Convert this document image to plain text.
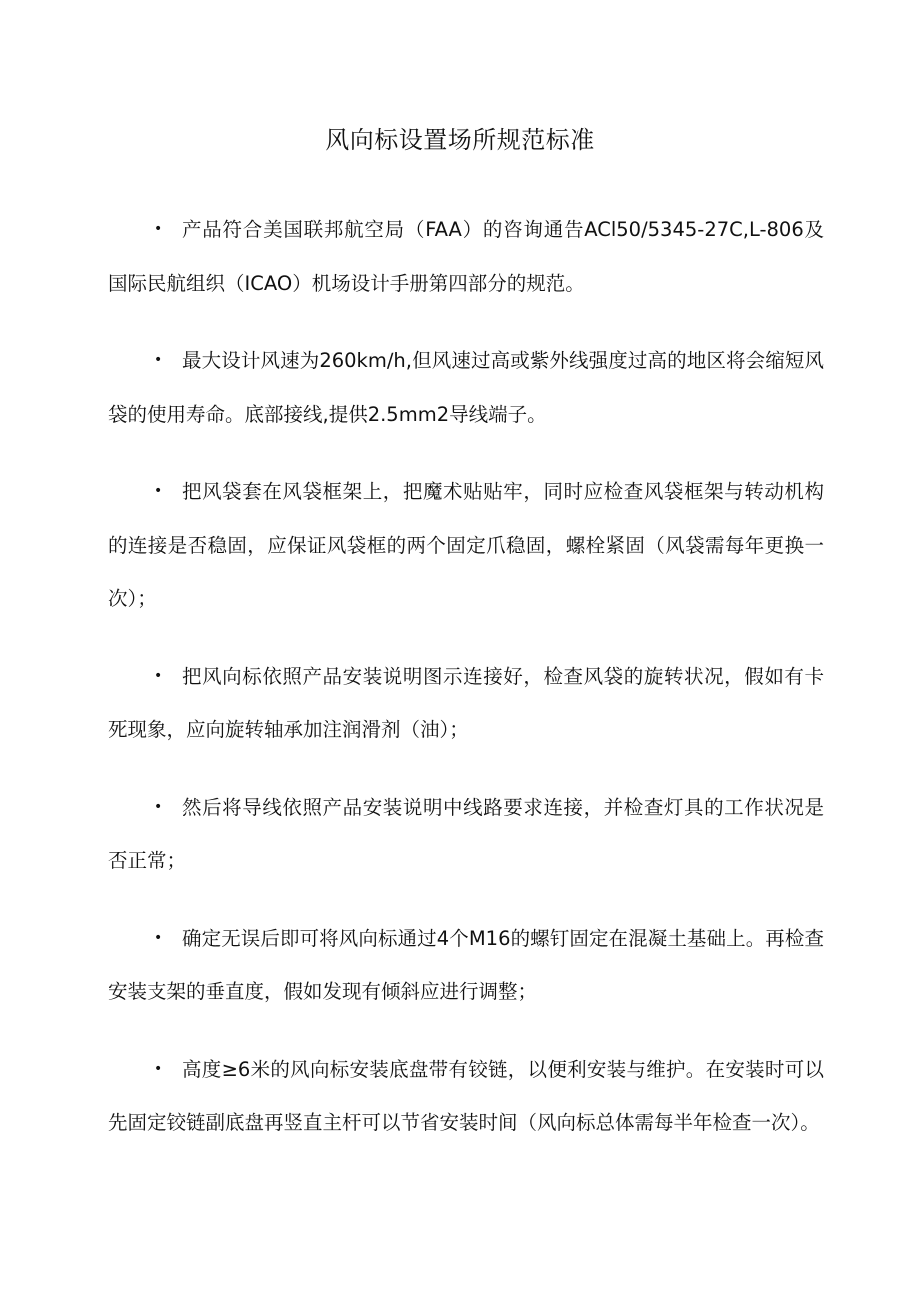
风向标设置场所规范标准

•	产品符合美国联邦航空局（FAA）的咨询通告ACl50/5345-27C,L-806及国际民航组织（ICAO）机场设计手册第四部分的规范。

•	最大设计风速为260km∕h,但风速过高或紫外线强度过高的地区将会缩短风袋的使用寿命。底部接线,提供2.5mm2导线端子。

•	把风袋套在风袋框架上，把魔术贴贴牢，同时应检查风袋框架与转动机构的连接是否稳固，应保证风袋框的两个固定爪稳固，螺栓紧固（风袋需每年更换一次）；

•	把风向标依照产品安装说明图示连接好，检查风袋的旋转状况，假如有卡死现象，应向旋转轴承加注润滑剂（油）；

•	然后将导线依照产品安装说明中线路要求连接，并检查灯具的工作状况是否正常；

•	确定无误后即可将风向标通过4个M16的螺钉固定在混凝土基础上。再检查安装支架的垂直度，假如发现有倾斜应进行调整；

•	高度≥6米的风向标安装底盘带有铰链，以便利安装与维护。在安装时可以先固定铰链副底盘再竖直主杆可以节省安装时间（风向标总体需每半年检查一次）。
